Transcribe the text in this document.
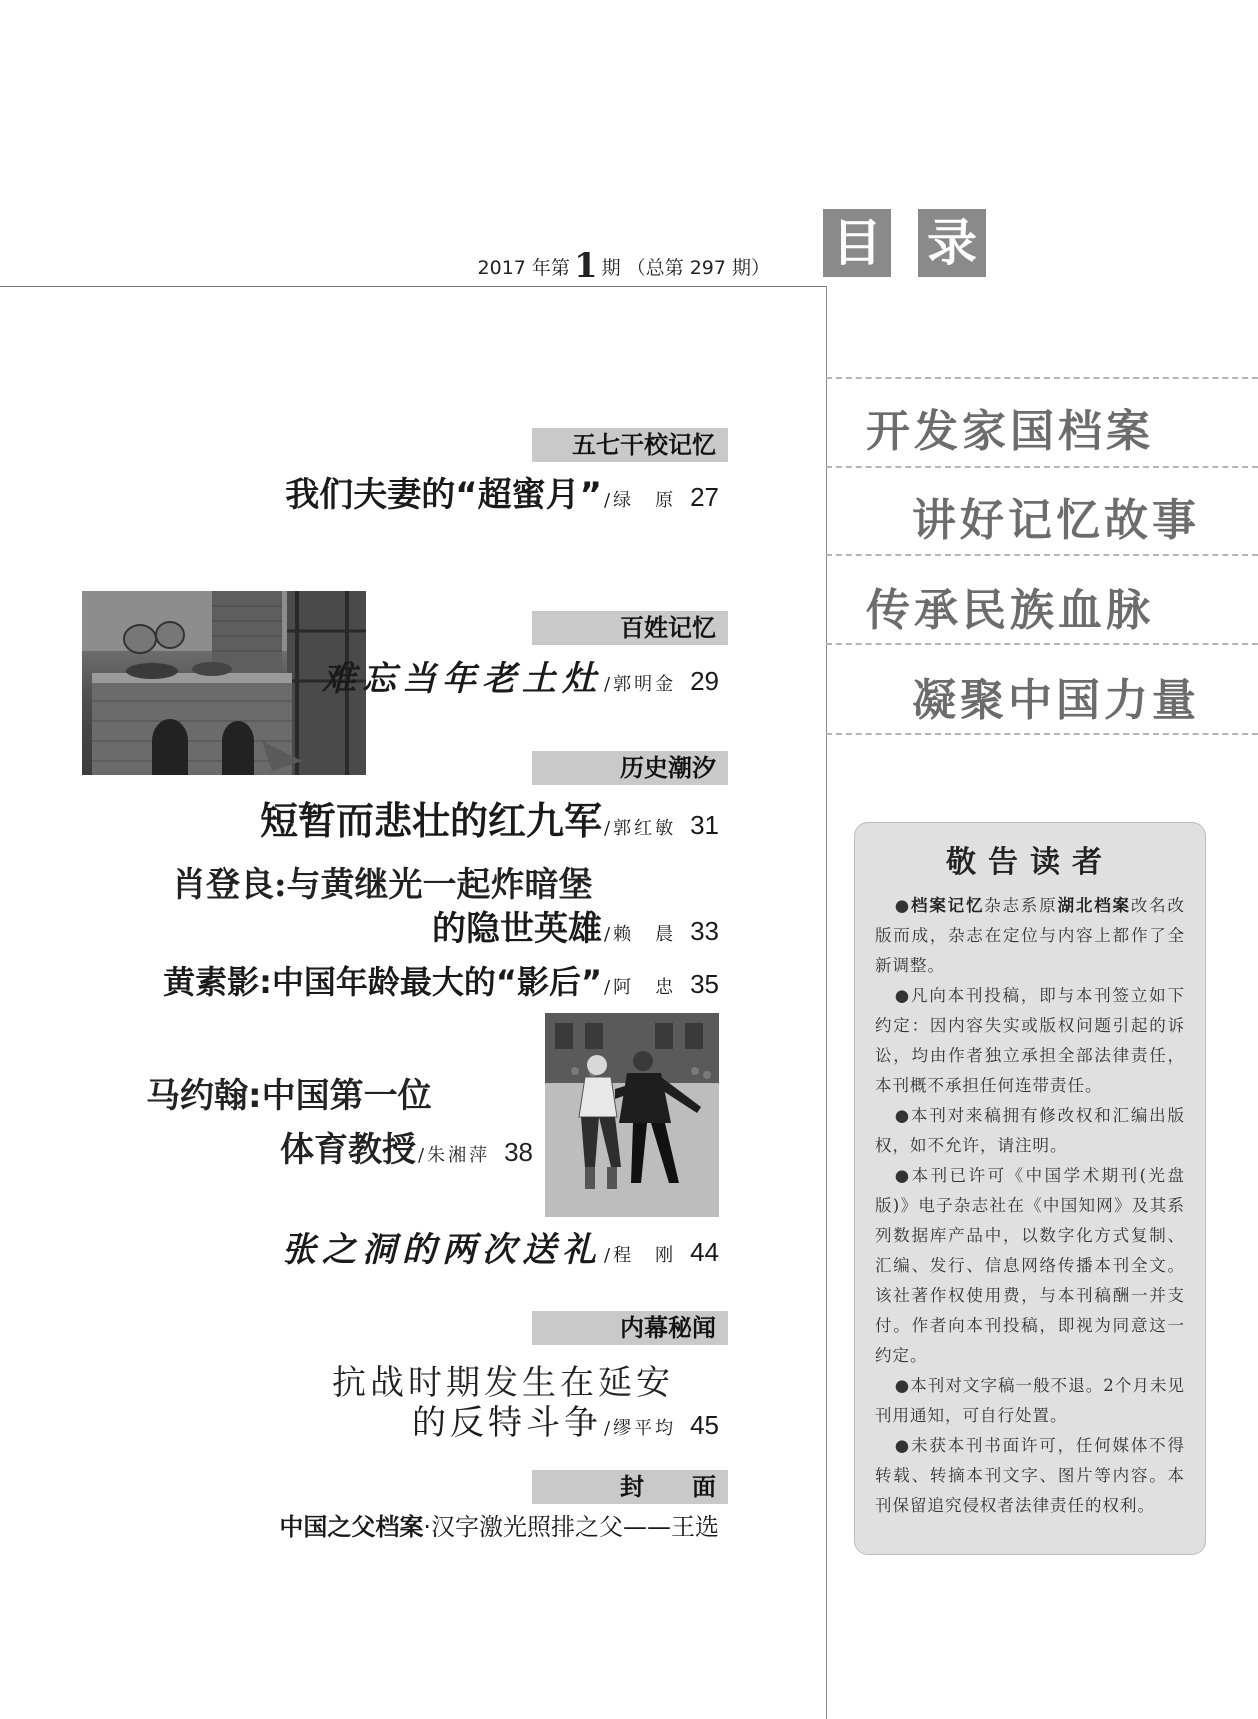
2017 年第 1 期 （总第 297 期） 目 录
五七干校记忆
我们夫妻的“超蜜月” /绿　原 27
百姓记忆
难忘当年老土灶 /郭明金 29
历史潮汐
短暂而悲壮的红九军 /郭红敏 31
肖登良:与黄继光一起炸暗堡
的隐世英雄 /赖　晨 33
黄素影:中国年龄最大的“影后” /阿　忠 35
马约翰:中国第一位
体育教授 /朱湘萍 38
张之洞的两次送礼 /程　刚 44
内幕秘闻
抗战时期发生在延安
的反特斗争 /缪平均 45
封　　面
中国之父档案·汉字激光照排之父——王选
开发家国档案
讲好记忆故事
传承民族血脉
凝聚中国力量
敬告读者

●档案记忆杂志系原湖北档案改名改版而成，杂志在定位与内容上都作了全新调整。

●凡向本刊投稿，即与本刊签立如下约定：因内容失实或版权问题引起的诉讼，均由作者独立承担全部法律责任，本刊概不承担任何连带责任。

●本刊对来稿拥有修改权和汇编出版权，如不允许，请注明。

●本刊已许可《中国学术期刊(光盘版)》电子杂志社在《中国知网》及其系列数据库产品中，以数字化方式复制、汇编、发行、信息网络传播本刊全文。该社著作权使用费，与本刊稿酬一并支付。作者向本刊投稿，即视为同意这一约定。

●本刊对文字稿一般不退。2个月未见刊用通知，可自行处置。

●未获本刊书面许可，任何媒体不得转载、转摘本刊文字、图片等内容。本刊保留追究侵权者法律责任的权利。
